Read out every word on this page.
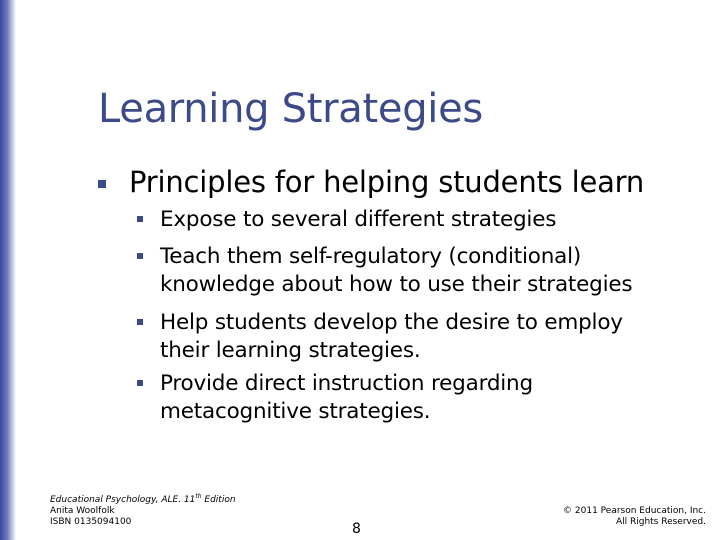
Learning Strategies
Principles for helping students learn
Expose to several different strategies
Teach them self-regulatory (conditional)
knowledge about how to use their strategies
Help students develop the desire to employ
their learning strategies.
Provide direct instruction regarding
metacognitive strategies.
Educational Psychology, ALE. 11th Edition
Anita Woolfolk
ISBN 0135094100	8
© 2011 Pearson Education, Inc.
All Rights Reserved.
